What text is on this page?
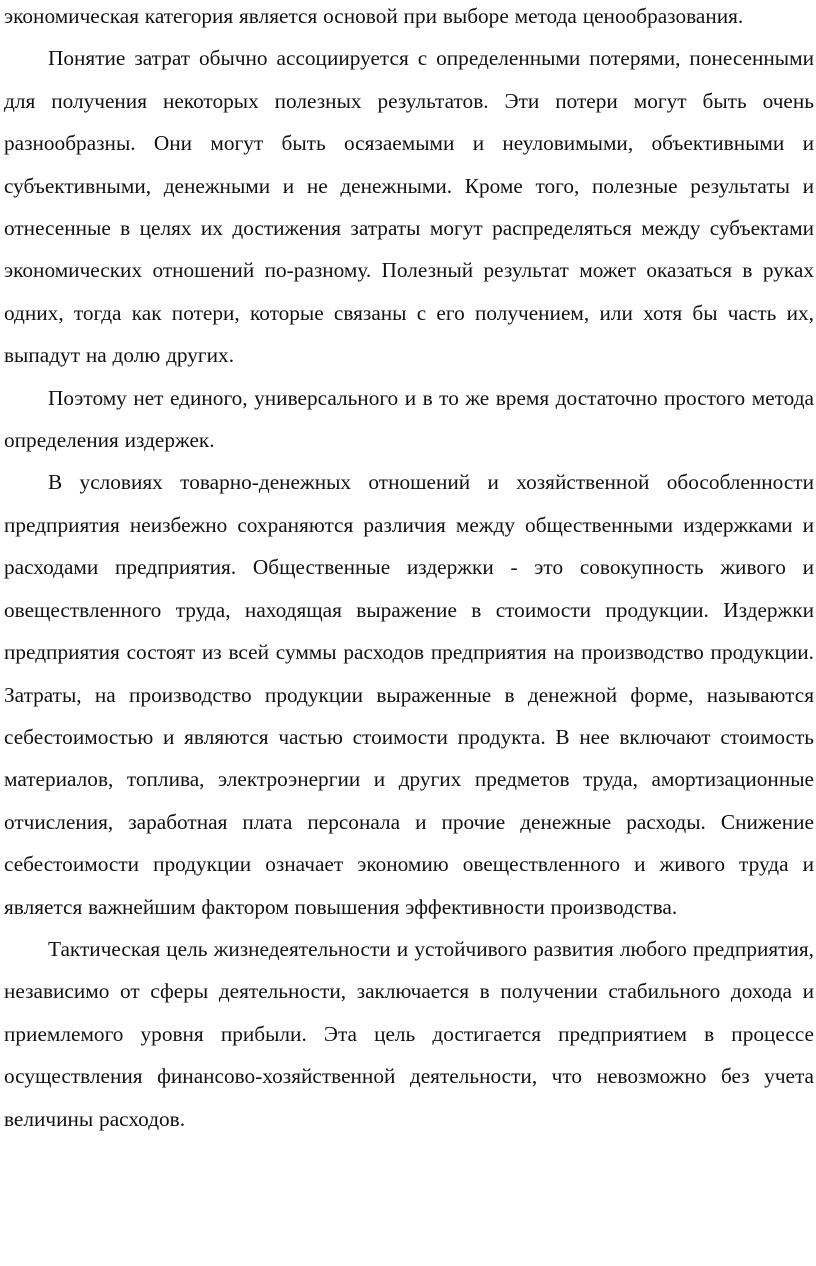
экономическая категория является основой при выборе метода ценообразования.

Понятие затрат обычно ассоциируется с определенными потерями, понесенными для получения некоторых полезных результатов. Эти потери могут быть очень разнообразны. Они могут быть осязаемыми и неуловимыми, объективными и субъективными, денежными и не денежными. Кроме того, полезные результаты и отнесенные в целях их достижения затраты могут распределяться между субъектами экономических отношений по-разному. Полезный результат может оказаться в руках одних, тогда как потери, которые связаны с его получением, или хотя бы часть их, выпадут на долю других.

Поэтому нет единого, универсального и в то же время достаточно простого метода определения издержек.

В условиях товарно-денежных отношений и хозяйственной обособленности предприятия неизбежно сохраняются различия между общественными издержками и расходами предприятия. Общественные издержки - это совокупность живого и овеществленного труда, находящая выражение в стоимости продукции. Издержки предприятия состоят из всей суммы расходов предприятия на производство продукции. Затраты, на производство продукции выраженные в денежной форме, называются себестоимостью и являются частью стоимости продукта. В нее включают стоимость материалов, топлива, электроэнергии и других предметов труда, амортизационные отчисления, заработная плата персонала и прочие денежные расходы. Снижение себестоимости продукции означает экономию овеществленного и живого труда и является важнейшим фактором повышения эффективности производства.

Тактическая цель жизнедеятельности и устойчивого развития любого предприятия, независимо от сферы деятельности, заключается в получении стабильного дохода и приемлемого уровня прибыли. Эта цель достигается предприятием в процессе осуществления финансово-хозяйственной деятельности, что невозможно без учета величины расходов.
